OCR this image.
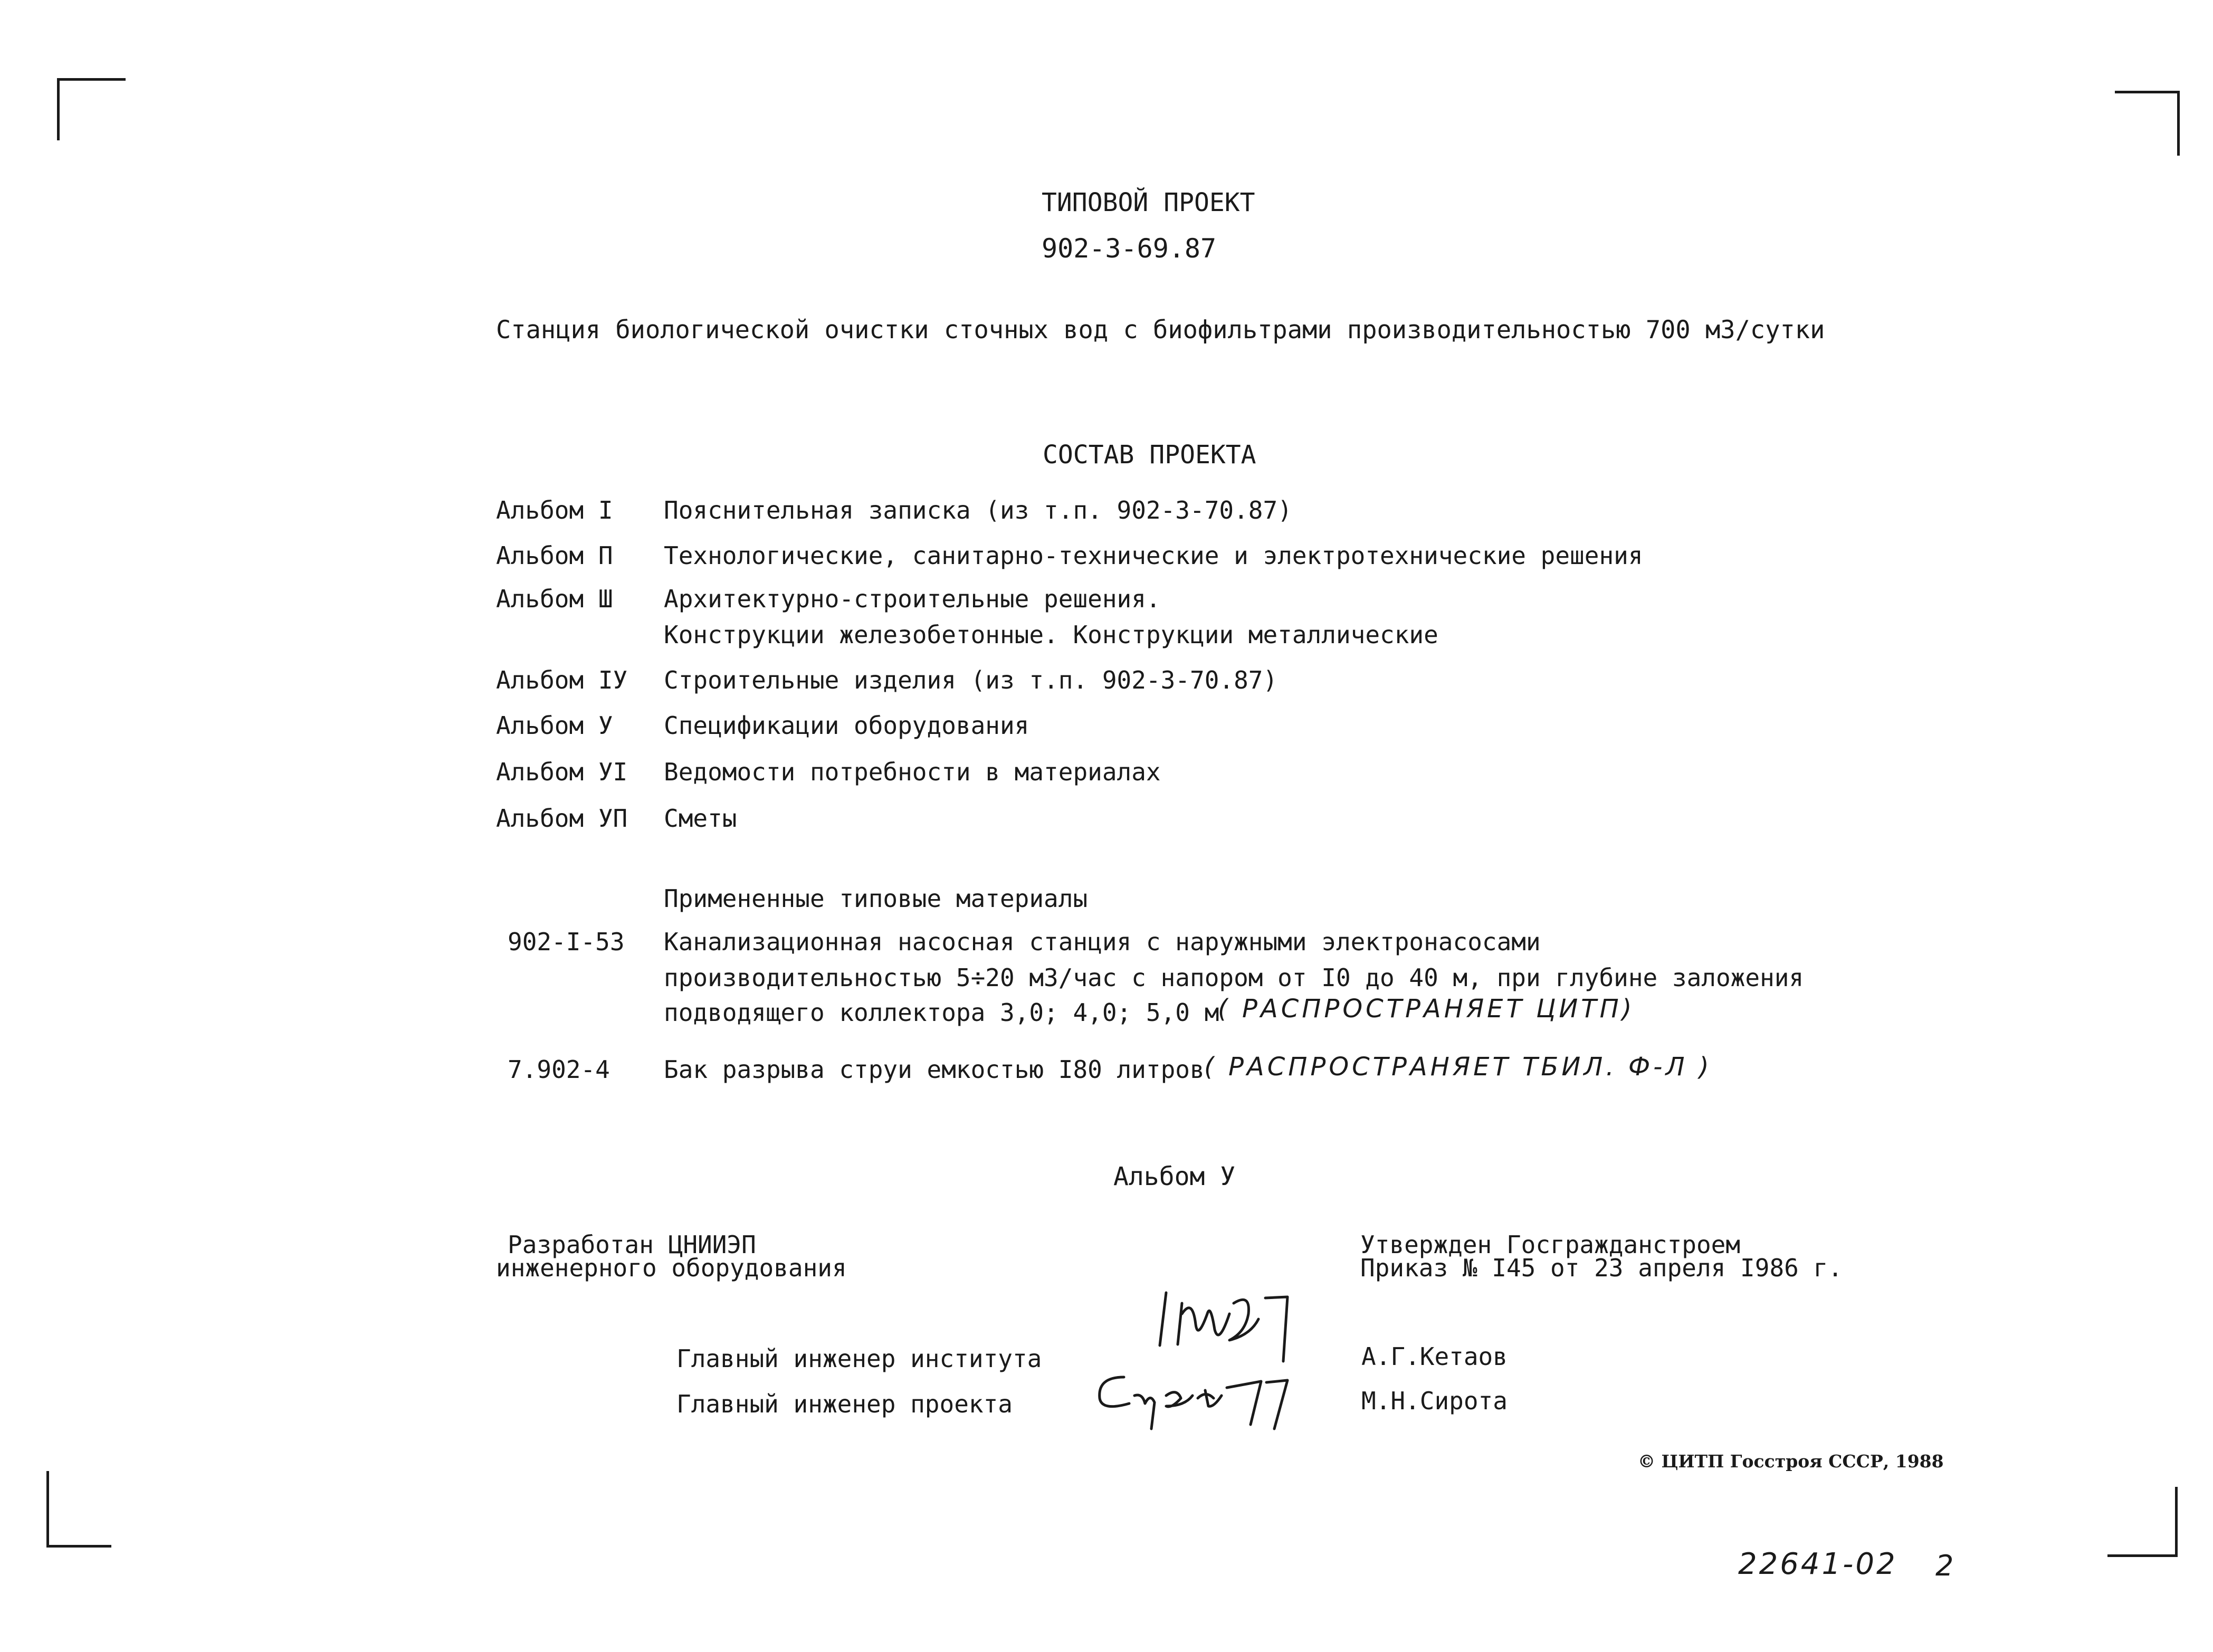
ТИПОВОЙ ПРОЕКТ
902-3-69.87
Станция биологической очистки сточных вод с биофильтрами производительностью 700 м3/сутки
СОСТАВ ПРОЕКТА
Альбом I Пояснительная записка (из т.п. 902-3-70.87)
Альбом П Технологические, санитарно-технические и электротехнические решения
Альбом Ш Архитектурно-строительные решения.
Конструкции железобетонные. Конструкции металлические
Альбом IУ Строительные изделия (из т.п. 902-3-70.87)
Альбом У Спецификации оборудования
Альбом УI Ведомости потребности в материалах
Альбом УП Сметы
Примененные типовые материалы
902-I-53 Канализационная насосная станция с наружными электронасосами
производительностью 5÷20 м3/час с напором от I0 до 40 м, при глубине заложения
подводящего коллектора 3,0; 4,0; 5,0 м
( РАСПРОСТРАНЯЕТ ЦИТП)
7.902-4 Бак разрыва струи емкостью I80 литров ( РАСПРОСТРАНЯЕТ ТБИЛ. Ф-Л )
Альбом У
Разработан ЦНИИЭП
инженерного оборудования
Утвержден Госгражданстроем
Приказ № I45 от 23 апреля I986 г.
Главный инженер института	А.Г.Кетаов
Главный инженер проекта	М.Н.Сирота
© ЦИТП Госстроя СССР, 1988
22641-02 2
